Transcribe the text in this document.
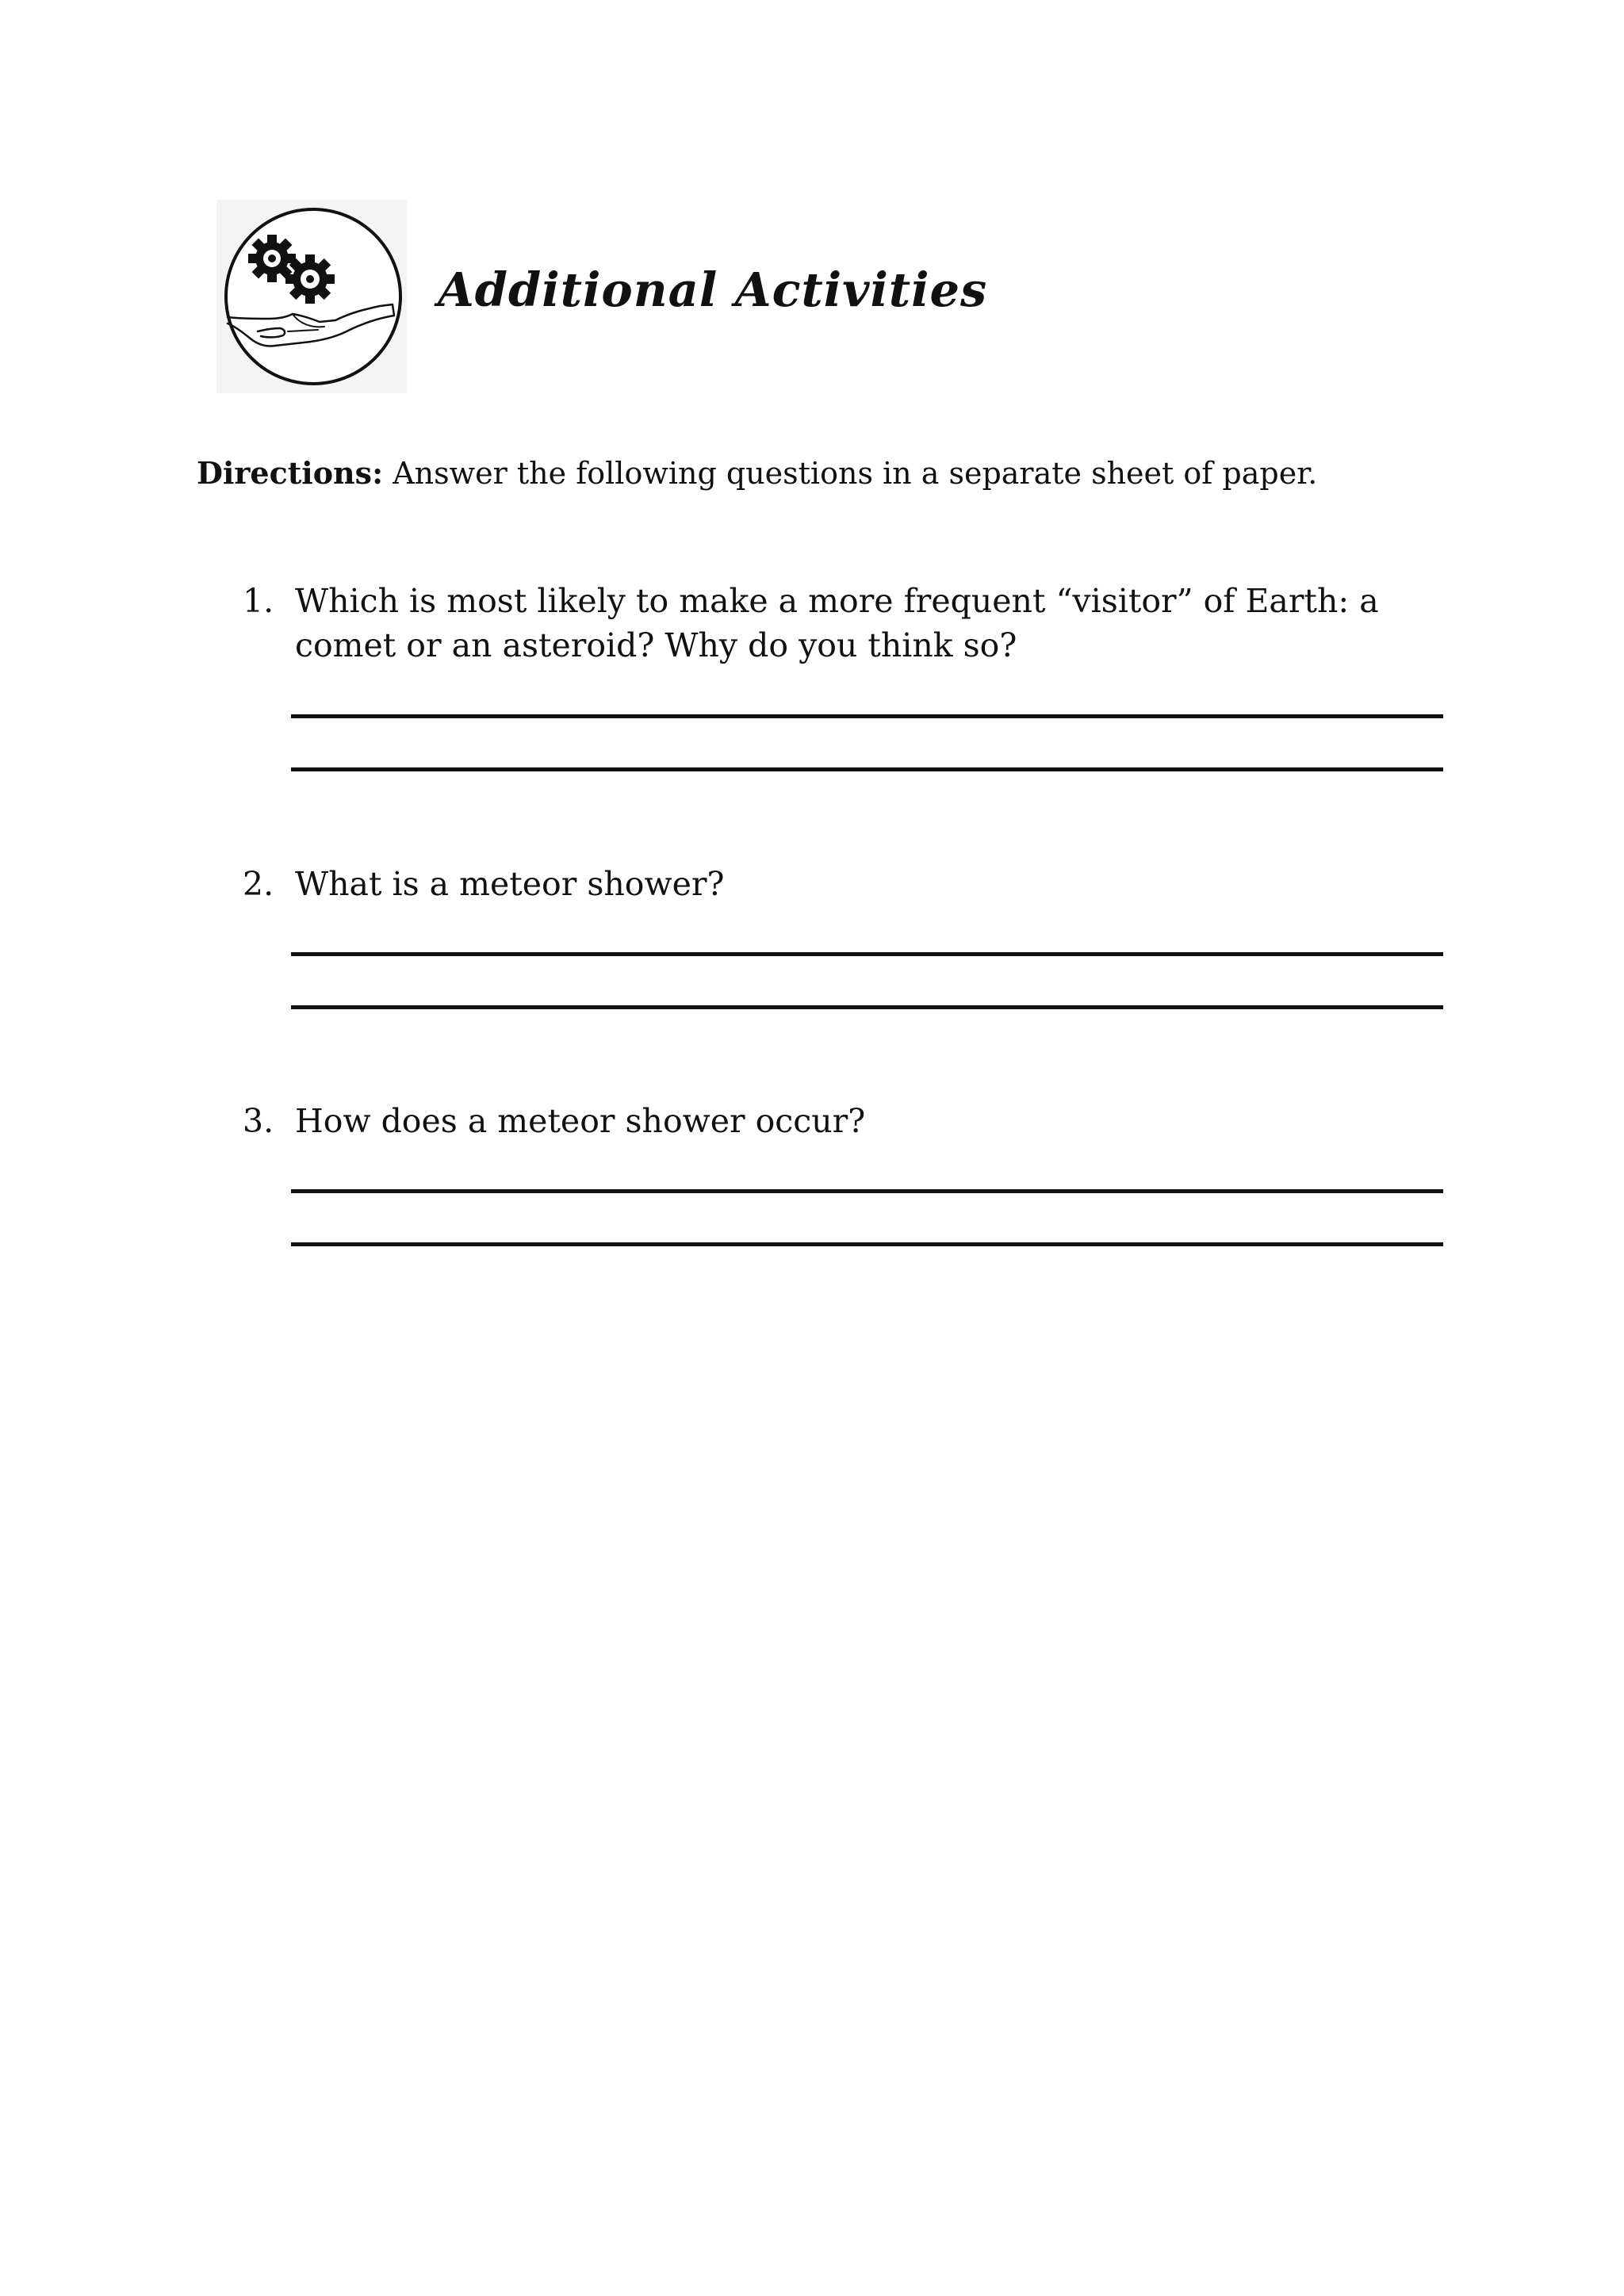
Additional Activities
Directions: Answer the following questions in a separate sheet of paper.
1. Which is most likely to make a more frequent “visitor” of Earth: a comet or an asteroid? Why do you think so?
2. What is a meteor shower?
3. How does a meteor shower occur?
